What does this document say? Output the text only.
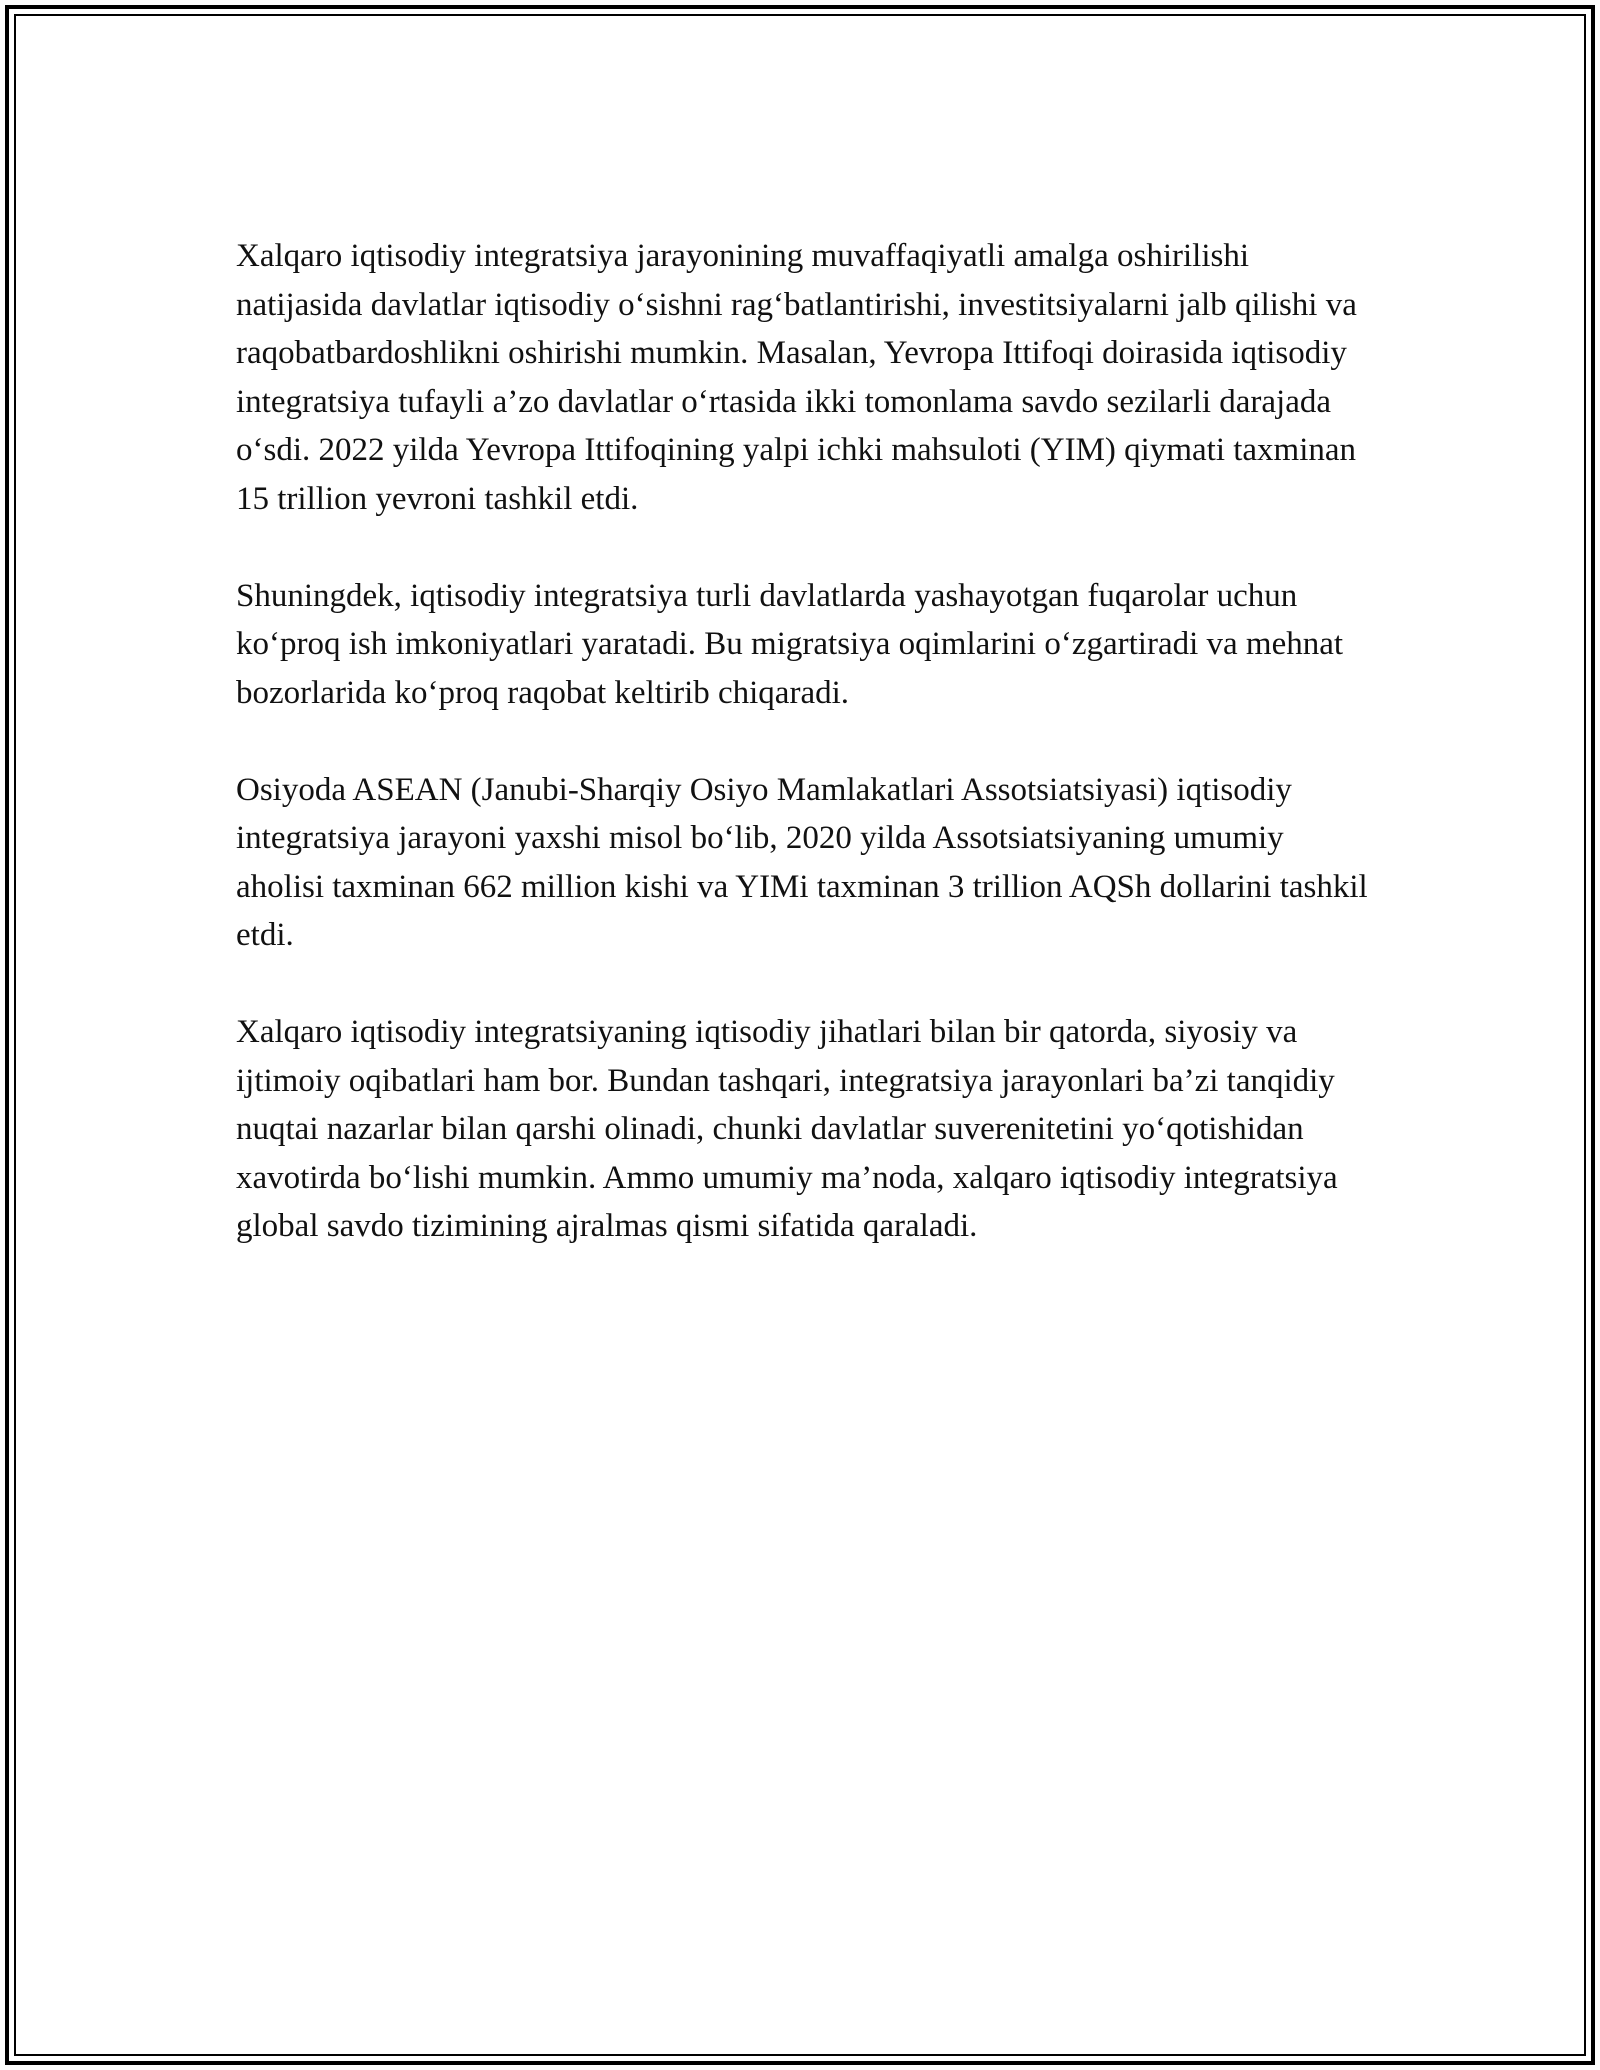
Xalqaro iqtisodiy integratsiya jarayonining muvaffaqiyatli amalga oshirilishi natijasida davlatlar iqtisodiy o‘sishni rag‘batlantirishi, investitsiyalarni jalb qilishi va raqobatbardoshlikni oshirishi mumkin. Masalan, Yevropa Ittifoqi doirasida iqtisodiy integratsiya tufayli a’zo davlatlar o‘rtasida ikki tomonlama savdo sezilarli darajada o‘sdi. 2022 yilda Yevropa Ittifoqining yalpi ichki mahsuloti (YIM) qiymati taxminan 15 trillion yevroni tashkil etdi.

Shuningdek, iqtisodiy integratsiya turli davlatlarda yashayotgan fuqarolar uchun ko‘proq ish imkoniyatlari yaratadi. Bu migratsiya oqimlarini o‘zgartiradi va mehnat bozorlarida ko‘proq raqobat keltirib chiqaradi.

Osiyoda ASEAN (Janubi-Sharqiy Osiyo Mamlakatlari Assotsiatsiyasi) iqtisodiy integratsiya jarayoni yaxshi misol bo‘lib, 2020 yilda Assotsiatsiyaning umumiy aholisi taxminan 662 million kishi va YIMi taxminan 3 trillion AQSh dollarini tashkil etdi.

Xalqaro iqtisodiy integratsiyaning iqtisodiy jihatlari bilan bir qatorda, siyosiy va ijtimoiy oqibatlari ham bor. Bundan tashqari, integratsiya jarayonlari ba’zi tanqidiy nuqtai nazarlar bilan qarshi olinadi, chunki davlatlar suverenitetini yo‘qotishidan xavotirda bo‘lishi mumkin. Ammo umumiy ma’noda, xalqaro iqtisodiy integratsiya global savdo tizimining ajralmas qismi sifatida qaraladi.
